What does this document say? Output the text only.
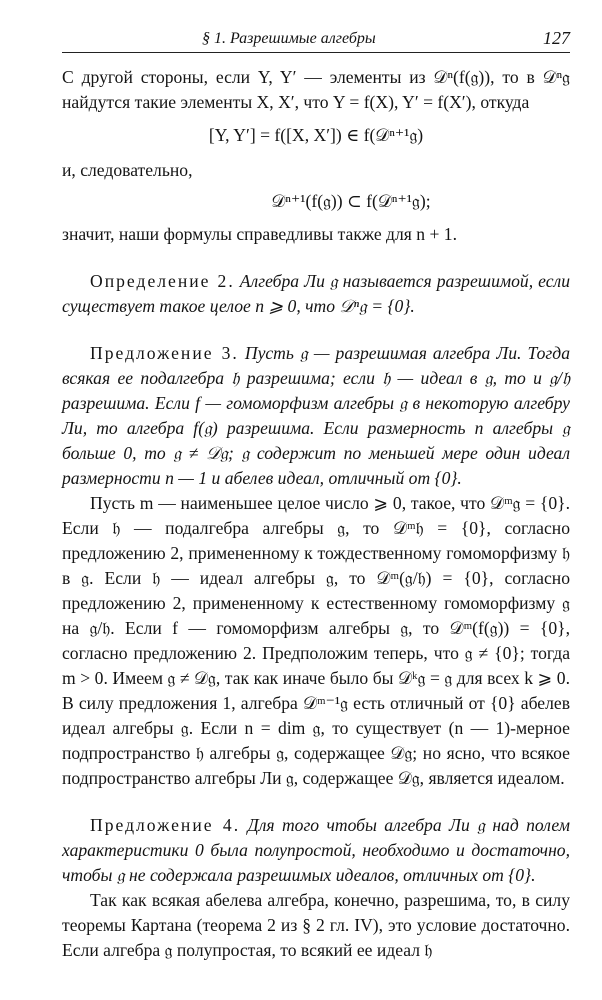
§ 1. Разрешимые алгебры	127

С другой стороны, если Y, Y′ — элементы из 𝒟ⁿ(f(𝔤)), то в 𝒟ⁿ𝔤 найдутся такие элементы X, X′, что Y = f(X), Y′ = f(X′), откуда

[Y, Y′] = f([X, X′]) ∈ f(𝒟ⁿ⁺¹𝔤)

и, следовательно,

𝒟ⁿ⁺¹(f(𝔤)) ⊂ f(𝒟ⁿ⁺¹𝔤);

значит, наши формулы справедливы также для n + 1.

Определение 2. Алгебра Ли 𝔤 называется разрешимой, если существует такое целое n ⩾ 0, что 𝒟ⁿ𝔤 = {0}.

Предложение 3. Пусть 𝔤 — разрешимая алгебра Ли. Тогда всякая ее подалгебра 𝔥 разрешима; если 𝔥 — идеал в 𝔤, то и 𝔤/𝔥 разрешима. Если f — гомоморфизм алгебры 𝔤 в некоторую алгебру Ли, то алгебра f(𝔤) разрешима. Если размерность n алгебры 𝔤 больше 0, то 𝔤 ≠ 𝒟𝔤; 𝔤 содержит по меньшей мере один идеал размерности n — 1 и абелев идеал, отличный от {0}.

Пусть m — наименьшее целое число ⩾ 0, такое, что 𝒟ᵐ𝔤 = {0}. Если 𝔥 — подалгебра алгебры 𝔤, то 𝒟ᵐ𝔥 = {0}, согласно предложению 2, примененному к тождественному гомоморфизму 𝔥 в 𝔤. Если 𝔥 — идеал алгебры 𝔤, то 𝒟ᵐ(𝔤/𝔥) = {0}, согласно предложению 2, примененному к естественному гомоморфизму 𝔤 на 𝔤/𝔥. Если f — гомоморфизм алгебры 𝔤, то 𝒟ᵐ(f(𝔤)) = {0}, согласно предложению 2. Предположим теперь, что 𝔤 ≠ {0}; тогда m > 0. Имеем 𝔤 ≠ 𝒟𝔤, так как иначе было бы 𝒟ᵏ𝔤 = 𝔤 для всех k ⩾ 0. В силу предложения 1, алгебра 𝒟ᵐ⁻¹𝔤 есть отличный от {0} абелев идеал алгебры 𝔤. Если n = dim 𝔤, то существует (n — 1)-мерное подпространство 𝔥 алгебры 𝔤, содержащее 𝒟𝔤; но ясно, что всякое подпространство алгебры Ли 𝔤, содержащее 𝒟𝔤, является идеалом.

Предложение 4. Для того чтобы алгебра Ли 𝔤 над полем характеристики 0 была полупростой, необходимо и достаточно, чтобы 𝔤 не содержала разрешимых идеалов, отличных от {0}.

Так как всякая абелева алгебра, конечно, разрешима, то, в силу теоремы Картана (теорема 2 из § 2 гл. IV), это условие достаточно. Если алгебра 𝔤 полупростая, то всякий ее идеал 𝔥
